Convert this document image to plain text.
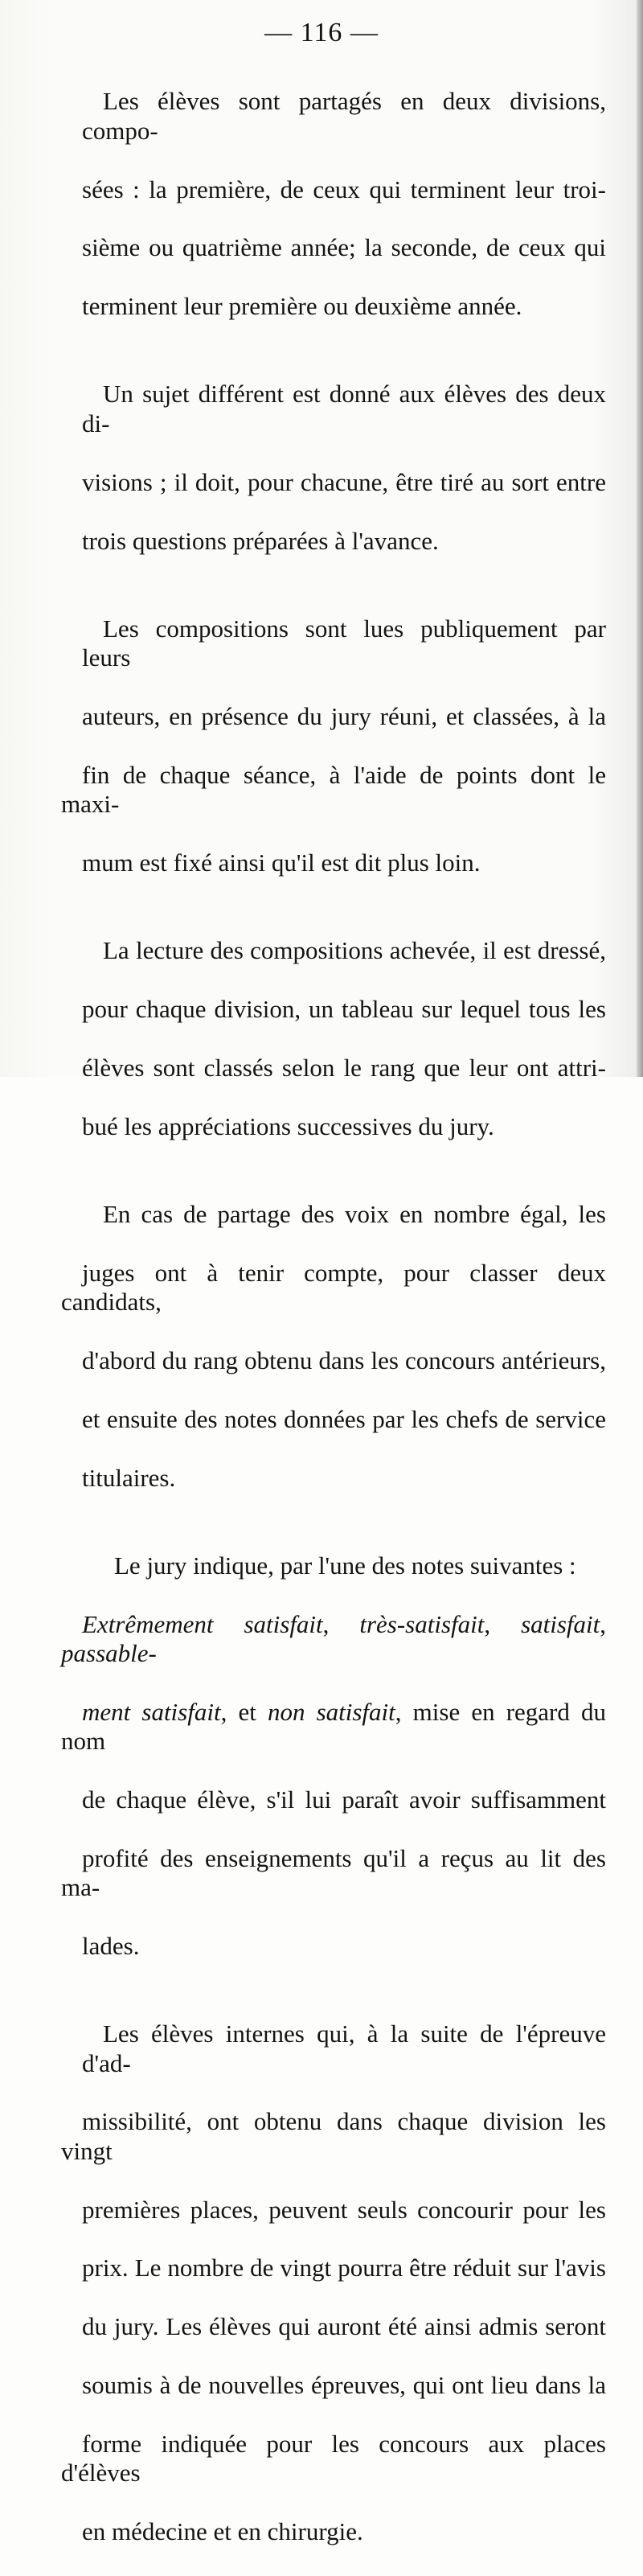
— 116 —

Les élèves sont partagés en deux divisions, compo-

sées : la première, de ceux qui terminent leur troi-

sième ou quatrième année; la seconde, de ceux qui

terminent leur première ou deuxième année.

Un sujet différent est donné aux élèves des deux di-

visions ; il doit, pour chacune, être tiré au sort entre

trois questions préparées à l'avance.

Les compositions sont lues publiquement par leurs

auteurs, en présence du jury réuni, et classées, à la

fin de chaque séance, à l'aide de points dont le maxi-

mum est fixé ainsi qu'il est dit plus loin.

La lecture des compositions achevée, il est dressé,

pour chaque division, un tableau sur lequel tous les

élèves sont classés selon le rang que leur ont attri-

bué les appréciations successives du jury.

En cas de partage des voix en nombre égal, les

juges ont à tenir compte, pour classer deux candidats,

d'abord du rang obtenu dans les concours antérieurs,

et ensuite des notes données par les chefs de service

titulaires.

Le jury indique, par l'une des notes suivantes :

Extrêmement satisfait, très-satisfait, satisfait, passable-

ment satisfait, et non satisfait, mise en regard du nom

de chaque élève, s'il lui paraît avoir suffisamment

profité des enseignements qu'il a reçus au lit des ma-

lades.

Les élèves internes qui, à la suite de l'épreuve d'ad-

missibilité, ont obtenu dans chaque division les vingt

premières places, peuvent seuls concourir pour les

prix. Le nombre de vingt pourra être réduit sur l'avis

du jury. Les élèves qui auront été ainsi admis seront

soumis à de nouvelles épreuves, qui ont lieu dans la

forme indiquée pour les concours aux places d'élèves

en médecine et en chirurgie.
